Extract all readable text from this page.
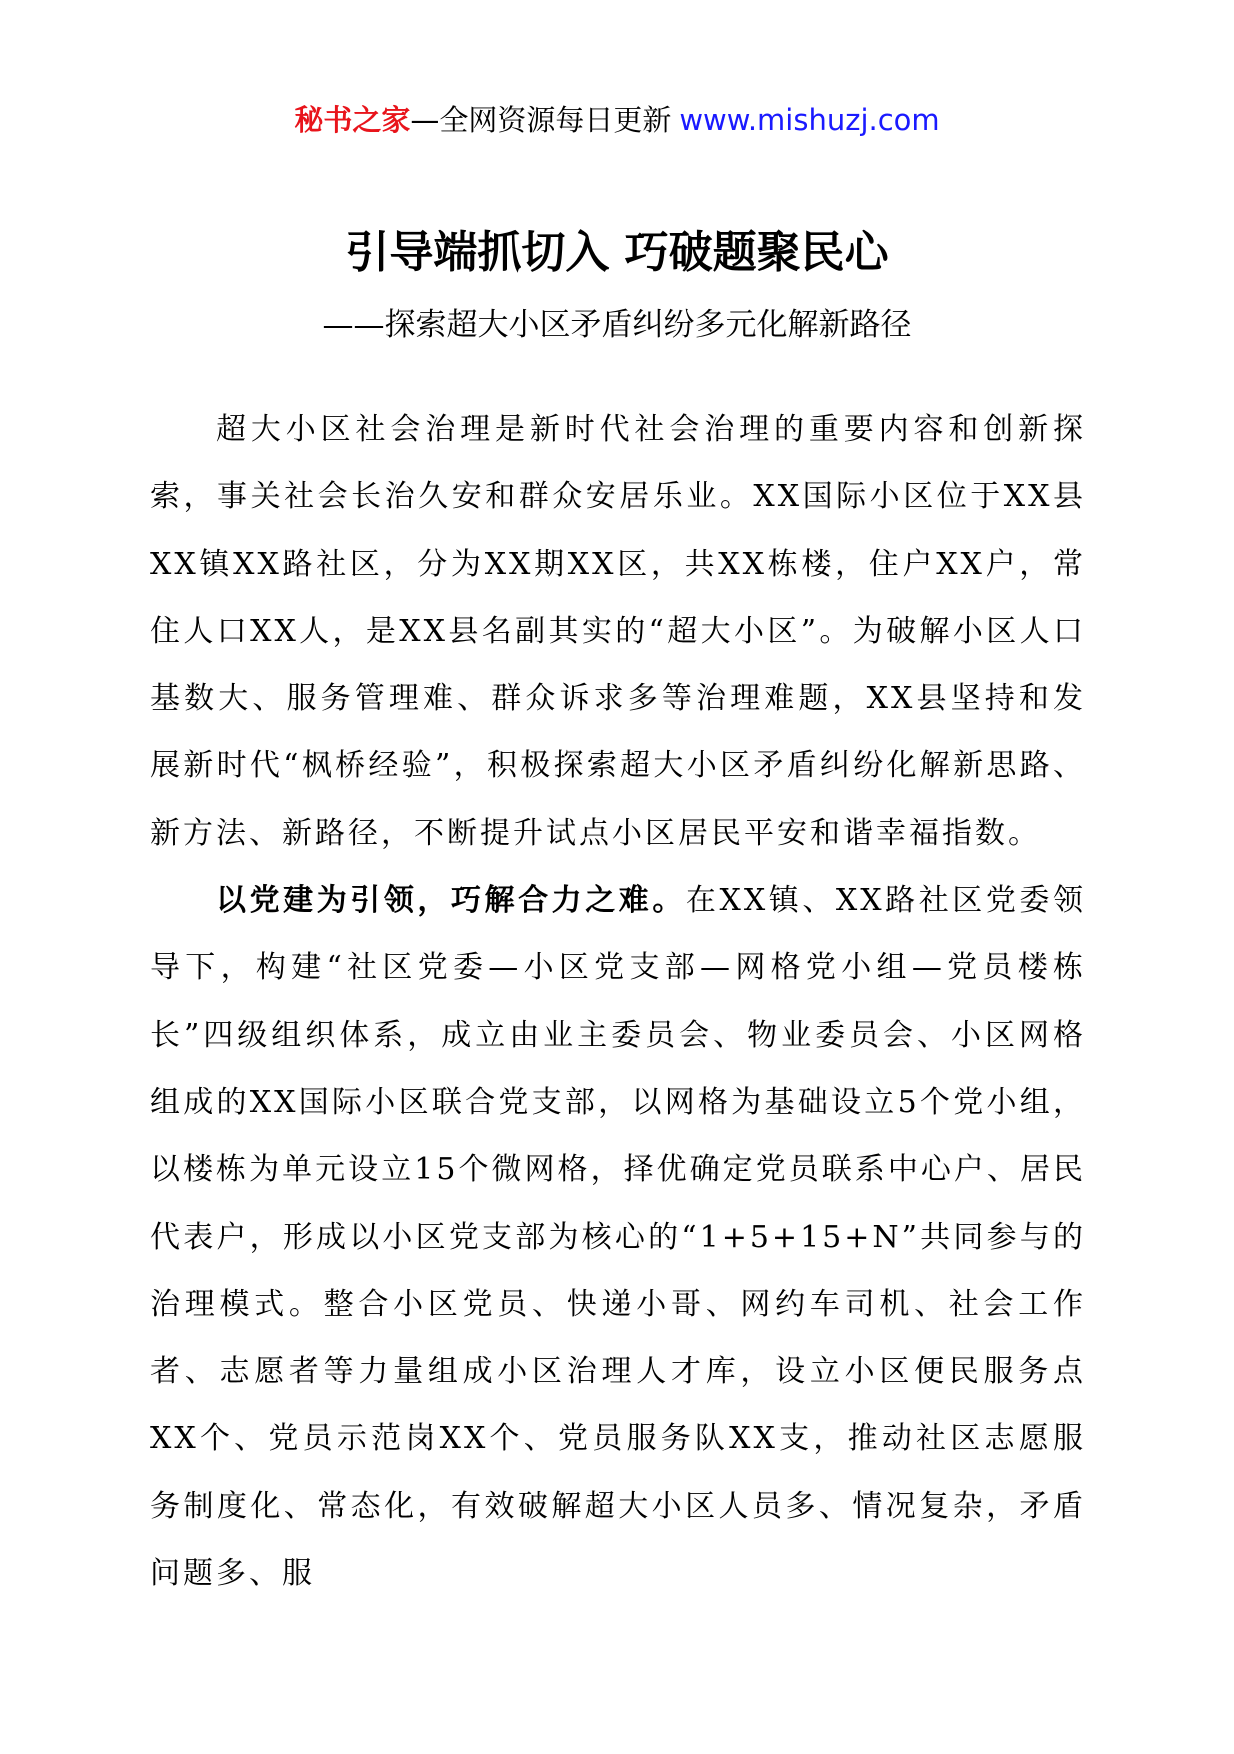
秘书之家—全网资源每日更新 www.mishuzj.com
引导端抓切入 巧破题聚民心
——探索超大小区矛盾纠纷多元化解新路径

超大小区社会治理是新时代社会治理的重要内容和创新探索，事关社会长治久安和群众安居乐业。XX国际小区位于XX县XX镇XX路社区，分为XX期XX区，共XX栋楼，住户XX户，常住人口XX人，是XX县名副其实的“超大小区”。为破解小区人口基数大、服务管理难、群众诉求多等治理难题，XX县坚持和发展新时代“枫桥经验”，积极探索超大小区矛盾纠纷化解新思路、新方法、新路径，不断提升试点小区居民平安和谐幸福指数。

以党建为引领，巧解合力之难。在XX镇、XX路社区党委领导下，构建“社区党委—小区党支部—网格党小组—党员楼栋长”四级组织体系，成立由业主委员会、物业委员会、小区网格组成的XX国际小区联合党支部，以网格为基础设立5个党小组，以楼栋为单元设立15个微网格，择优确定党员联系中心户、居民代表户，形成以小区党支部为核心的“1+5+15+N”共同参与的治理模式。整合小区党员、快递小哥、网约车司机、社会工作者、志愿者等力量组成小区治理人才库，设立小区便民服务点XX个、党员示范岗XX个、党员服务队XX支，推动社区志愿服务制度化、常态化，有效破解超大小区人员多、情况复杂，矛盾问题多、服
